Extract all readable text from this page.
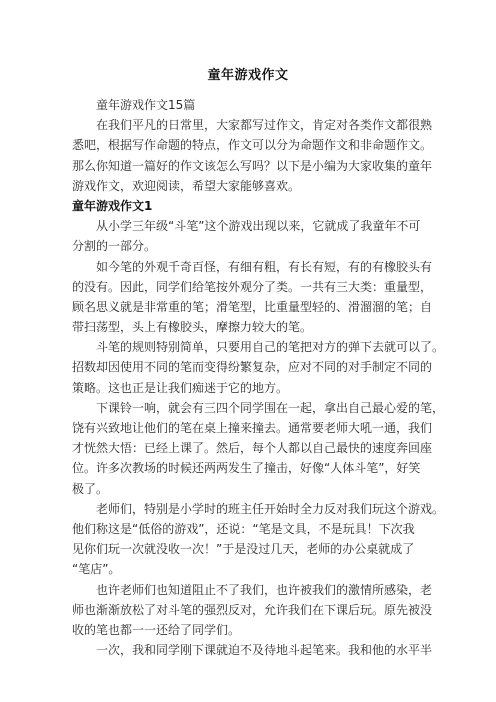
童年游戏作文
童年游戏作文15篇
在我们平凡的日常里，大家都写过作文，肯定对各类作文都很熟
悉吧，根据写作命题的特点，作文可以分为命题作文和非命题作文。
那么你知道一篇好的作文该怎么写吗？以下是小编为大家收集的童年
游戏作文，欢迎阅读，希望大家能够喜欢。
童年游戏作文1
从小学三年级“斗笔”这个游戏出现以来，它就成了我童年不可
分割的一部分。
如今笔的外观千奇百怪，有细有粗，有长有短，有的有橡胶头有
的没有。因此，同学们给笔按外观分了类。一共有三大类：重量型，
顾名思义就是非常重的笔；滑笔型，比重量型轻的、滑溜溜的笔；自
带扫荡型，头上有橡胶头，摩擦力较大的笔。
斗笔的规则特别简单，只要用自己的笔把对方的弹下去就可以了。
招数却因使用不同的笔而变得纷繁复杂，应对不同的对手制定不同的
策略。这也正是让我们痴迷于它的地方。
下课铃一响，就会有三四个同学围在一起，拿出自己最心爱的笔，
饶有兴致地让他们的笔在桌上撞来撞去。通常要老师大吼一通，我们
才恍然大悟：已经上课了。然后，每个人都以自己最快的速度奔回座
位。许多次教场的时候还两两发生了撞击，好像“人体斗笔”，好笑
极了。
老师们，特别是小学时的班主任开始时全力反对我们玩这个游戏。
他们称这是“低俗的游戏”，还说：“笔是文具，不是玩具！下次我
见你们玩一次就没收一次！”于是没过几天，老师的办公桌就成了
“笔店”。
也许老师们也知道阻止不了我们，也许被我们的激情所感染，老
师也渐渐放松了对斗笔的强烈反对，允许我们在下课后玩。原先被没
收的笔也都一一还给了同学们。
一次，我和同学刚下课就迫不及待地斗起笔来。我和他的水平半
